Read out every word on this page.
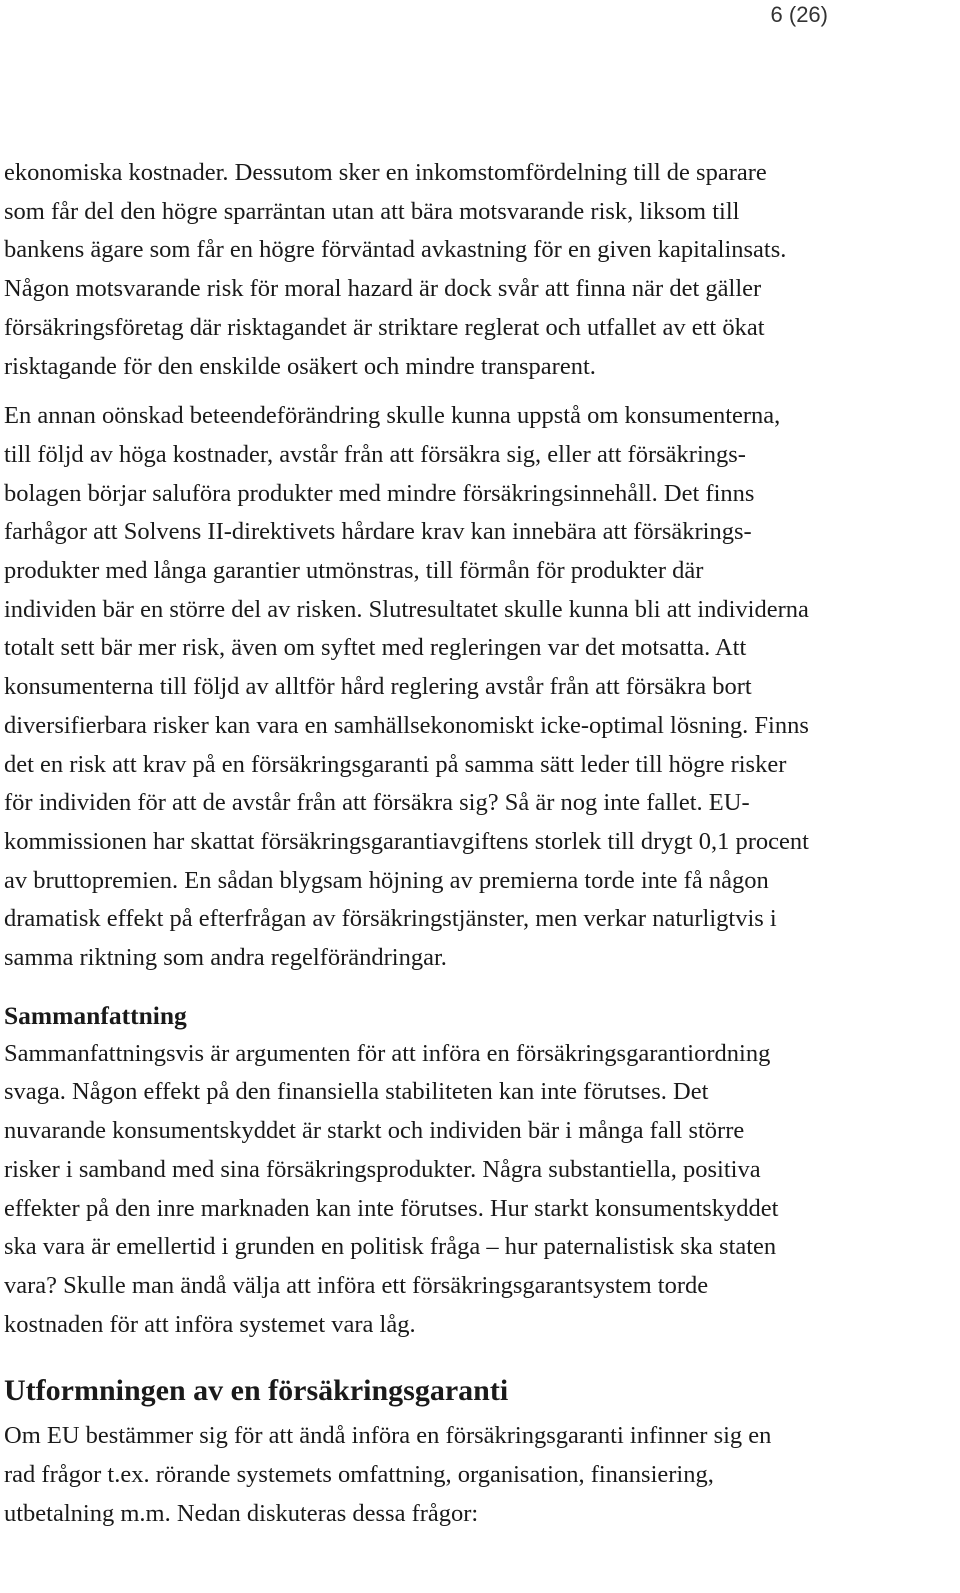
6 (26)

ekonomiska kostnader. Dessutom sker en inkomstomfördelning till de sparare
som får del den högre sparräntan utan att bära motsvarande risk, liksom till
bankens ägare som får en högre förväntad avkastning för en given kapitalinsats.
Någon motsvarande risk för moral hazard är dock svår att finna när det gäller
försäkringsföretag där risktagandet är striktare reglerat och utfallet av ett ökat
risktagande för den enskilde osäkert och mindre transparent.

En annan oönskad beteendeförändring skulle kunna uppstå om konsumenterna,
till följd av höga kostnader, avstår från att försäkra sig, eller att försäkrings-
bolagen börjar saluföra produkter med mindre försäkringsinnehåll. Det finns
farhågor att Solvens II-direktivets hårdare krav kan innebära att försäkrings-
produkter med långa garantier utmönstras, till förmån för produkter där
individen bär en större del av risken. Slutresultatet skulle kunna bli att individerna
totalt sett bär mer risk, även om syftet med regleringen var det motsatta. Att
konsumenterna till följd av alltför hård reglering avstår från att försäkra bort
diversifierbara risker kan vara en samhällsekonomiskt icke-optimal lösning. Finns
det en risk att krav på en försäkringsgaranti på samma sätt leder till högre risker
för individen för att de avstår från att försäkra sig? Så är nog inte fallet. EU-
kommissionen har skattat försäkringsgarantiavgiftens storlek till drygt 0,1 procent
av bruttopremien. En sådan blygsam höjning av premierna torde inte få någon
dramatisk effekt på efterfrågan av försäkringstjänster, men verkar naturligtvis i
samma riktning som andra regelförändringar.

Sammanfattning

Sammanfattningsvis är argumenten för att införa en försäkringsgarantiordning
svaga. Någon effekt på den finansiella stabiliteten kan inte förutses. Det
nuvarande konsumentskyddet är starkt och individen bär i många fall större
risker i samband med sina försäkringsprodukter. Några substantiella, positiva
effekter på den inre marknaden kan inte förutses. Hur starkt konsumentskyddet
ska vara är emellertid i grunden en politisk fråga – hur paternalistisk ska staten
vara? Skulle man ändå välja att införa ett försäkringsgarantsystem torde
kostnaden för att införa systemet vara låg.

Utformningen av en försäkringsgaranti

Om EU bestämmer sig för att ändå införa en försäkringsgaranti infinner sig en
rad frågor t.ex. rörande systemets omfattning, organisation, finansiering,
utbetalning m.m. Nedan diskuteras dessa frågor:
